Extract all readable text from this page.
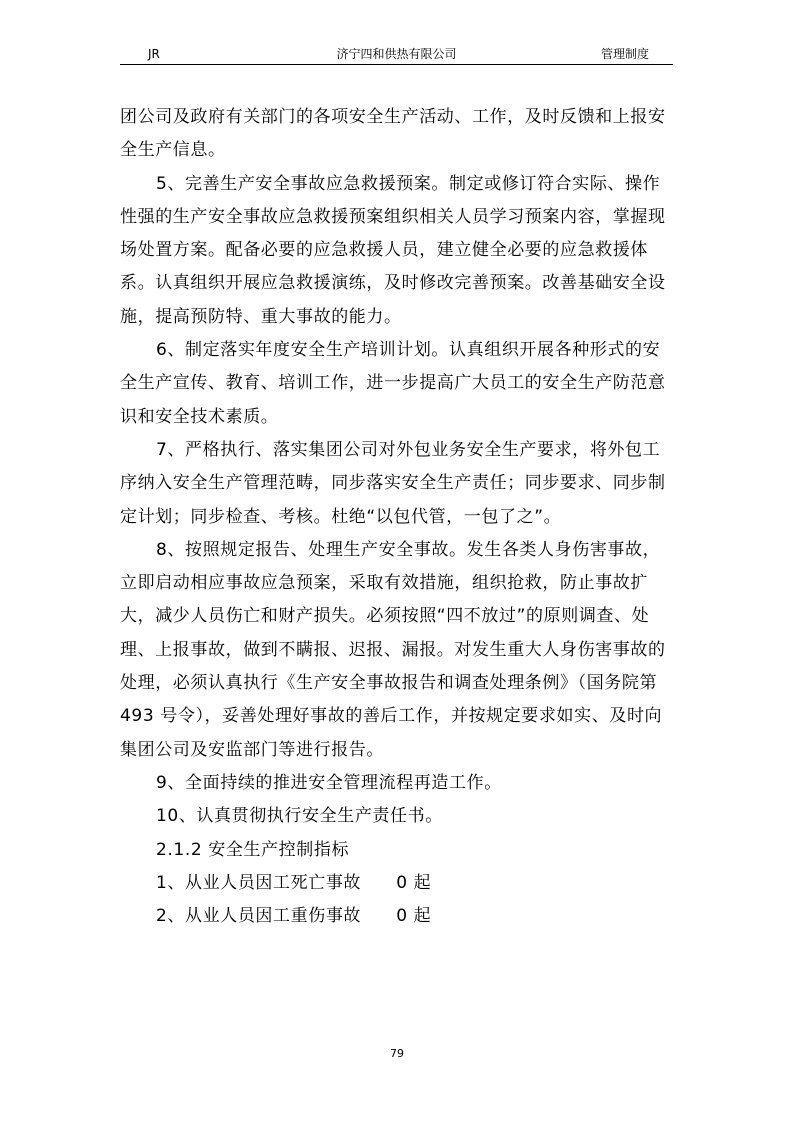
JR	济宁四和供热有限公司	管理制度

团公司及政府有关部门的各项安全生产活动、工作，及时反馈和上报安全生产信息。

5、完善生产安全事故应急救援预案。制定或修订符合实际、操作性强的生产安全事故应急救援预案组织相关人员学习预案内容，掌握现场处置方案。配备必要的应急救援人员，建立健全必要的应急救援体系。认真组织开展应急救援演练，及时修改完善预案。改善基础安全设施，提高预防特、重大事故的能力。

6、制定落实年度安全生产培训计划。认真组织开展各种形式的安全生产宣传、教育、培训工作，进一步提高广大员工的安全生产防范意识和安全技术素质。

7、严格执行、落实集团公司对外包业务安全生产要求，将外包工序纳入安全生产管理范畴，同步落实安全生产责任；同步要求、同步制定计划；同步检查、考核。杜绝“以包代管，一包了之”。

8、按照规定报告、处理生产安全事故。发生各类人身伤害事故，立即启动相应事故应急预案，采取有效措施，组织抢救，防止事故扩大，减少人员伤亡和财产损失。必须按照“四不放过”的原则调查、处理、上报事故，做到不瞒报、迟报、漏报。对发生重大人身伤害事故的处理，必须认真执行《生产安全事故报告和调查处理条例》（国务院第 493 号令），妥善处理好事故的善后工作，并按规定要求如实、及时向集团公司及安监部门等进行报告。

9、全面持续的推进安全管理流程再造工作。

10、认真贯彻执行安全生产责任书。

2.1.2 安全生产控制指标

1、从业人员因工死亡事故　　0 起

2、从业人员因工重伤事故　　0 起

79
